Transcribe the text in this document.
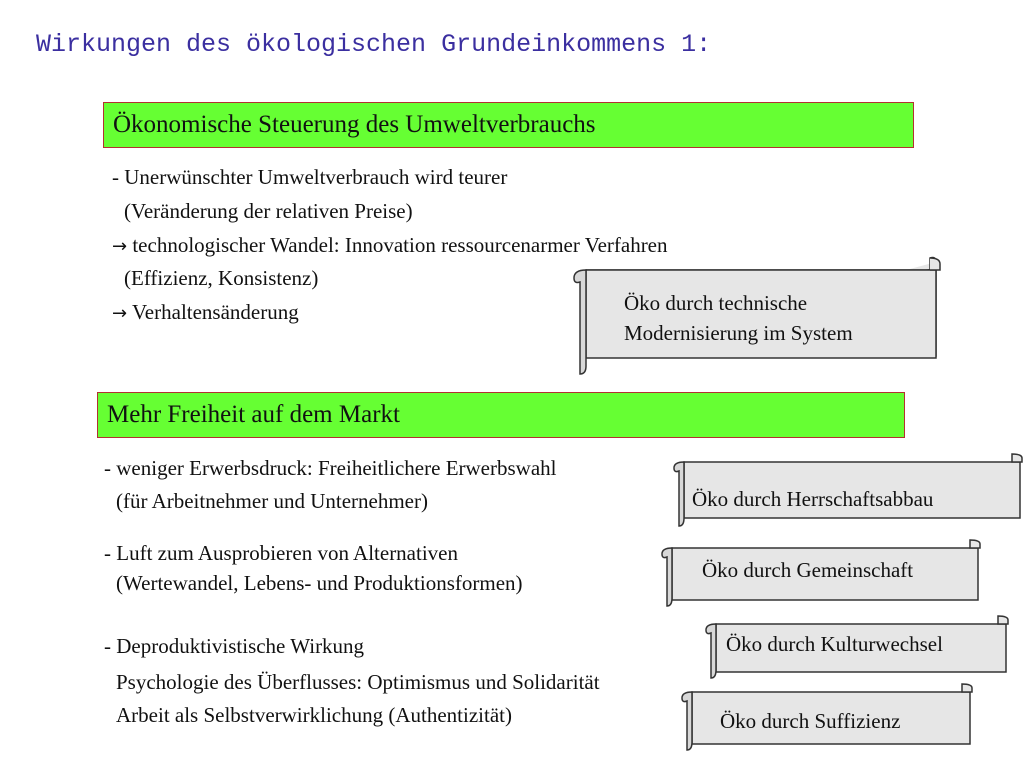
Wirkungen des ökologischen Grundeinkommens 1:
Ökonomische Steuerung des Umweltverbrauchs
- Unerwünschter Umweltverbrauch wird teurer
(Veränderung der relativen Preise)
→ technologischer Wandel: Innovation ressourcenarmer Verfahren
(Effizienz, Konsistenz)
→ Verhaltensänderung	Öko durch technische
Modernisierung im System
Mehr Freiheit auf dem Markt
- weniger Erwerbsdruck: Freiheitlichere Erwerbswahl
(für Arbeitnehmer und Unternehmer)
- Luft zum Ausprobieren von Alternativen
(Wertewandel, Lebens- und Produktionsformen)
- Deproduktivistische Wirkung
Psychologie des Überflusses: Optimismus und Solidarität
Arbeit als Selbstverwirklichung (Authentizität)
Öko durch Herrschaftsabbau
Öko durch Gemeinschaft
Öko durch Kulturwechsel
Öko durch Suffizienz
